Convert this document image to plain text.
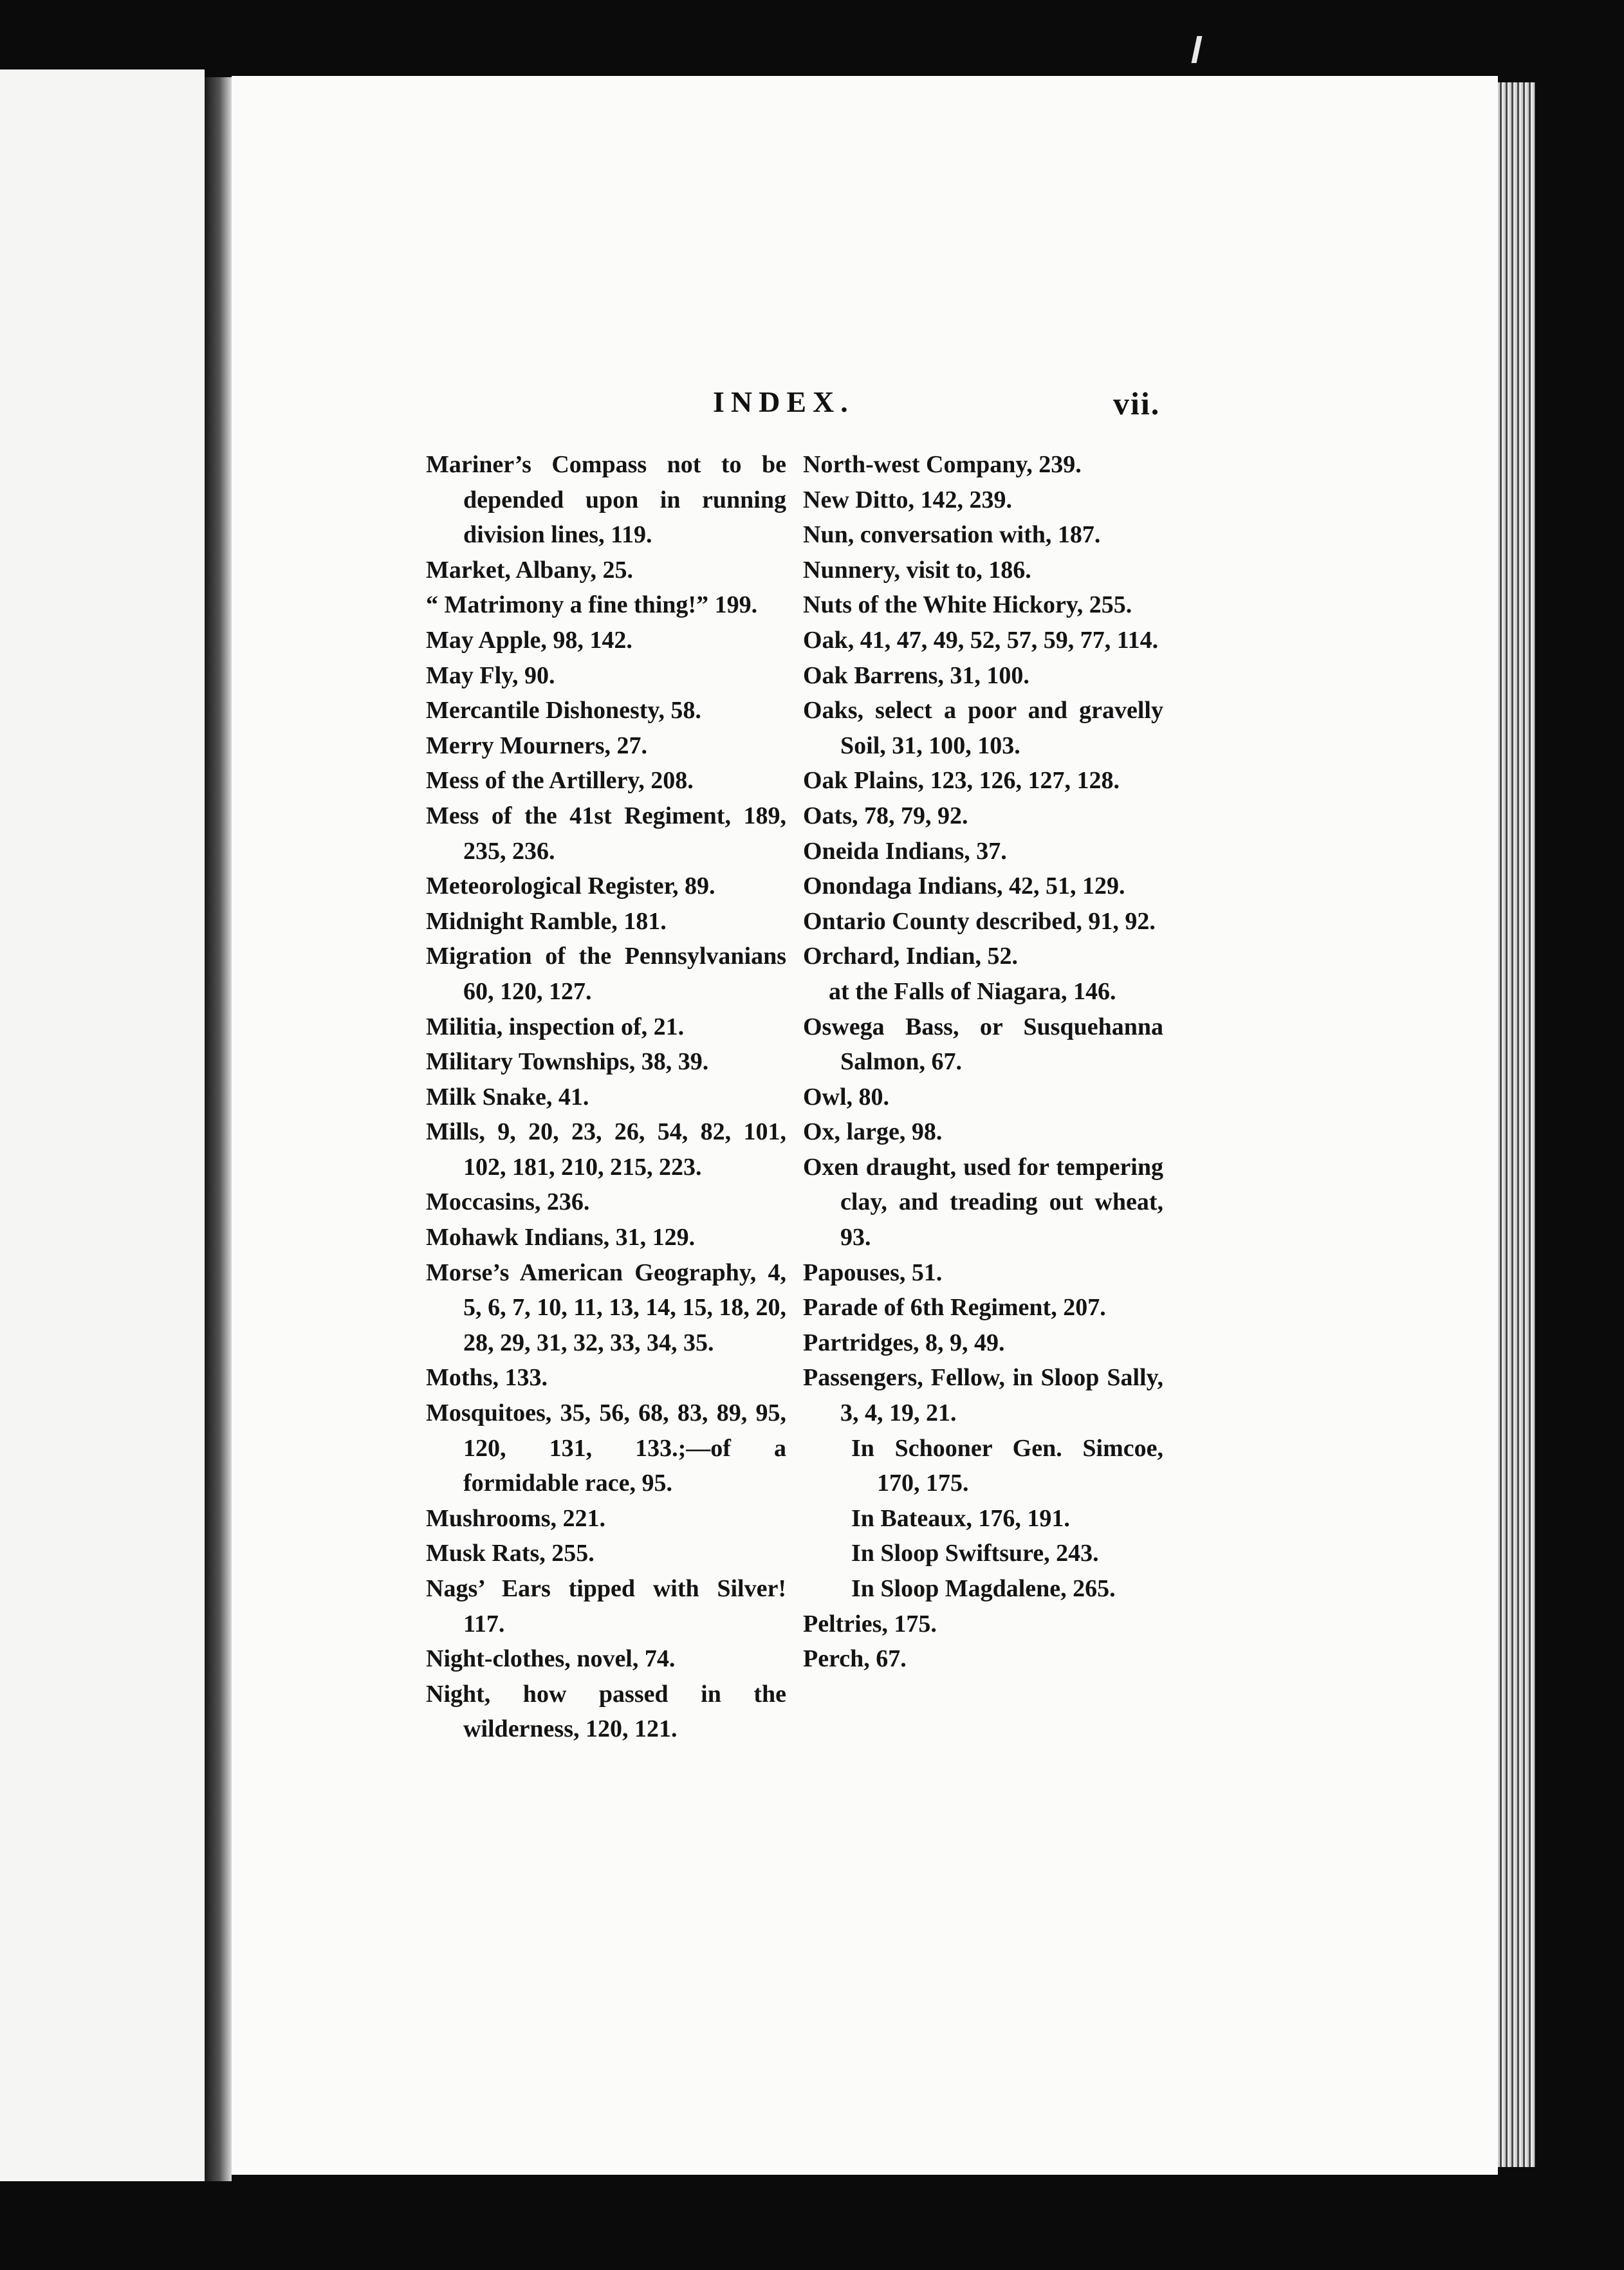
INDEX.	vii.
Mariner’s Compass not to be depended upon in running division lines, 119.
Market, Albany, 25.
“ Matrimony a fine thing!” 199.
May Apple, 98, 142.
May Fly, 90.
Mercantile Dishonesty, 58.
Merry Mourners, 27.
Mess of the Artillery, 208.
Mess of the 41st Regiment, 189, 235, 236.
Meteorological Register, 89.
Midnight Ramble, 181.
Migration of the Pennsylvanians 60, 120, 127.
Militia, inspection of, 21.
Military Townships, 38, 39.
Milk Snake, 41.
Mills, 9, 20, 23, 26, 54, 82, 101, 102, 181, 210, 215, 223.
Moccasins, 236.
Mohawk Indians, 31, 129.
Morse’s American Geography, 4, 5, 6, 7, 10, 11, 13, 14, 15, 18, 20, 28, 29, 31, 32, 33, 34, 35.
Moths, 133.
Mosquitoes, 35, 56, 68, 83, 89, 95, 120, 131, 133.;—of a formidable race, 95.
Mushrooms, 221.
Musk Rats, 255.
Nags’ Ears tipped with Silver! 117.
Night-clothes, novel, 74.
Night, how passed in the wilderness, 120, 121.
North-west Company, 239.
New Ditto, 142, 239.
Nun, conversation with, 187.
Nunnery, visit to, 186.
Nuts of the White Hickory, 255.
Oak, 41, 47, 49, 52, 57, 59, 77, 114.
Oak Barrens, 31, 100.
Oaks, select a poor and gravelly Soil, 31, 100, 103.
Oak Plains, 123, 126, 127, 128.
Oats, 78, 79, 92.
Oneida Indians, 37.
Onondaga Indians, 42, 51, 129.
Ontario County described, 91, 92.
Orchard, Indian, 52.
at the Falls of Niagara, 146.
Oswega Bass, or Susquehanna Salmon, 67.
Owl, 80.
Ox, large, 98.
Oxen draught, used for tempering clay, and treading out wheat, 93.
Papouses, 51.
Parade of 6th Regiment, 207.
Partridges, 8, 9, 49.
Passengers, Fellow, in Sloop Sally, 3, 4, 19, 21.
In Schooner Gen. Simcoe, 170, 175.
In Bateaux, 176, 191.
In Sloop Swiftsure, 243.
In Sloop Magdalene, 265.
Peltries, 175.
Perch, 67.
